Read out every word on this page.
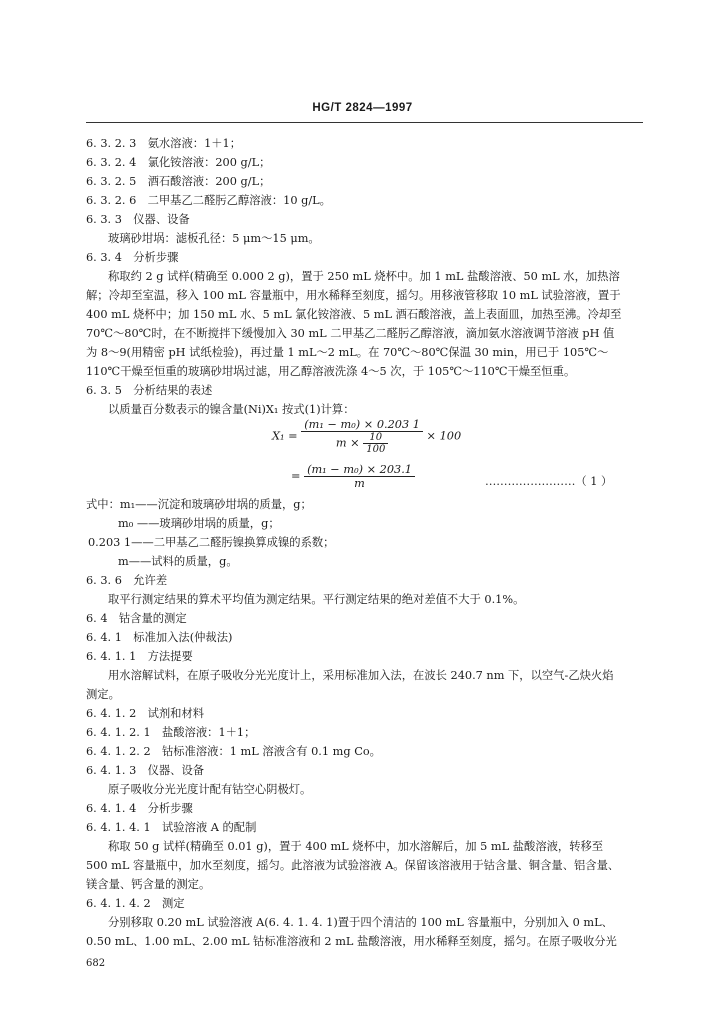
HG/T 2824—1997
6. 3. 2. 3　氨水溶液：1＋1；
6. 3. 2. 4　氯化铵溶液：200 g/L；
6. 3. 2. 5　酒石酸溶液：200 g/L；
6. 3. 2. 6　二甲基乙二醛肟乙醇溶液：10 g/L。
6. 3. 3　仪器、设备
玻璃砂坩埚：滤板孔径：5 μm～15 μm。
6. 3. 4　分析步骤
称取约 2 g 试样(精确至 0.000 2 g)，置于 250 mL 烧杯中。加 1 mL 盐酸溶液、50 mL 水，加热溶
解；冷却至室温，移入 100 mL 容量瓶中，用水稀释至刻度，摇匀。用移液管移取 10 mL 试验溶液，置于
400 mL 烧杯中；加 150 mL 水、5 mL 氯化铵溶液、5 mL 酒石酸溶液，盖上表面皿，加热至沸。冷却至
70℃～80℃时，在不断搅拌下缓慢加入 30 mL 二甲基乙二醛肟乙醇溶液，滴加氨水溶液调节溶液 pH 值
为 8～9(用精密 pH 试纸检验)，再过量 1 mL～2 mL。在 70℃～80℃保温 30 min，用已于 105℃～
110℃干燥至恒重的玻璃砂坩埚过滤，用乙醇溶液洗涤 4～5 次，于 105℃～110℃干燥至恒重。
6. 3. 5　分析结果的表述
以质量百分数表示的镍含量(Ni)X₁ 按式(1)计算：
$X_1 = \frac{\text{(m₁ − m₀) × 0.203 1}}{m \times \frac{10}{100}} \times 100$
= $\frac{\text{(m₁ − m₀) × 203.1}}{m}$	……………………（ 1 ）
式中：m₁——沉淀和玻璃砂坩埚的质量，g；
m₀ ——玻璃砂坩埚的质量，g；
0.203 1——二甲基乙二醛肟镍换算成镍的系数；
m——试料的质量，g。
6. 3. 6　允许差
取平行测定结果的算术平均值为测定结果。平行测定结果的绝对差值不大于 0.1%。
6. 4　钴含量的测定
6. 4. 1　标准加入法(仲裁法)
6. 4. 1. 1　方法提要
用水溶解试料，在原子吸收分光光度计上，采用标准加入法，在波长 240.7 nm 下，以空气-乙炔火焰
测定。
6. 4. 1. 2　试剂和材料
6. 4. 1. 2. 1　盐酸溶液：1＋1；
6. 4. 1. 2. 2　钴标准溶液：1 mL 溶液含有 0.1 mg Co。
6. 4. 1. 3　仪器、设备
原子吸收分光光度计配有钴空心阴极灯。
6. 4. 1. 4　分析步骤
6. 4. 1. 4. 1　试验溶液 A 的配制
称取 50 g 试样(精确至 0.01 g)，置于 400 mL 烧杯中，加水溶解后，加 5 mL 盐酸溶液，转移至
500 mL 容量瓶中，加水至刻度，摇匀。此溶液为试验溶液 A。保留该溶液用于钴含量、铜含量、铝含量、
镁含量、钙含量的测定。
6. 4. 1. 4. 2　测定
分别移取 0.20 mL 试验溶液 A(6. 4. 1. 4. 1)置于四个清洁的 100 mL 容量瓶中，分别加入 0 mL、
0.50 mL、1.00 mL、2.00 mL 钴标准溶液和 2 mL 盐酸溶液，用水稀释至刻度，摇匀。在原子吸收分光
682
